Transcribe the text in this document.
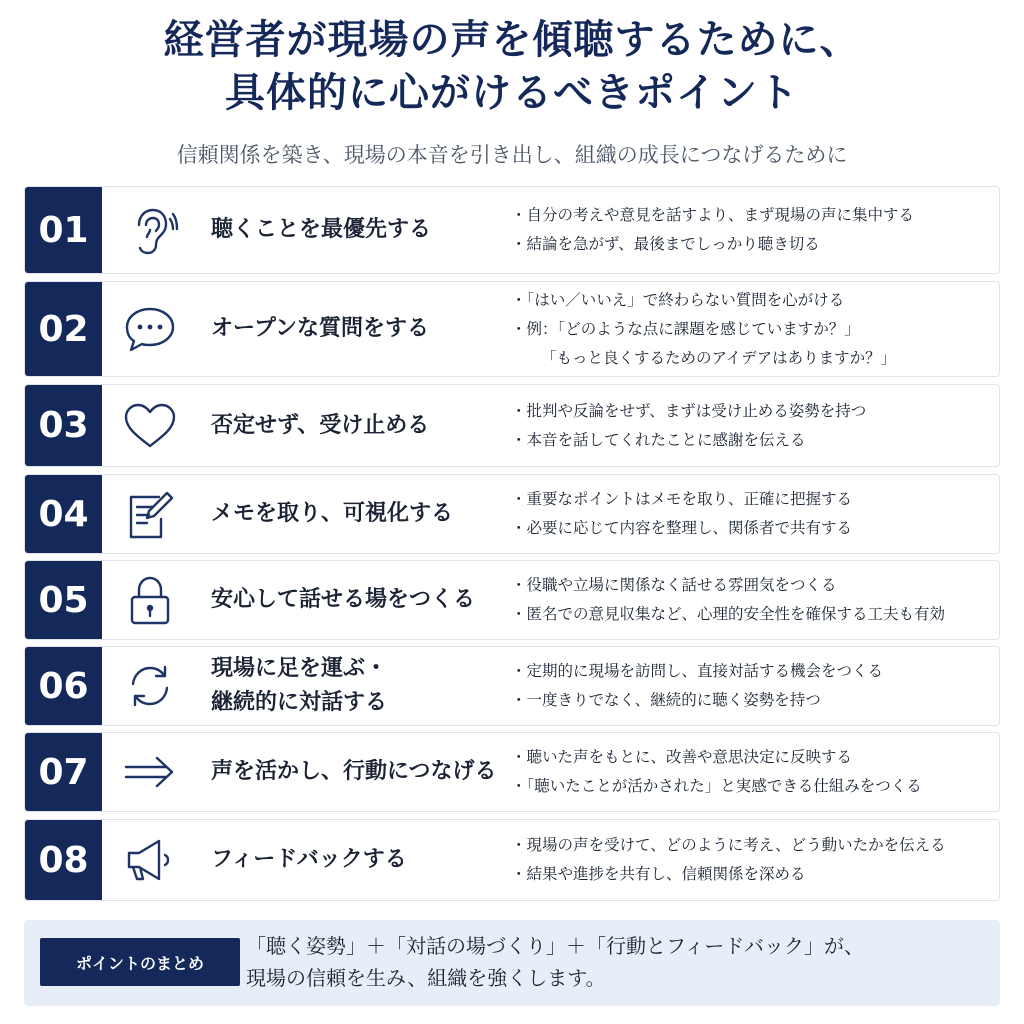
経営者が現場の声を傾聴するために、
具体的に心がけるべきポイント
信頼関係を築き、現場の本音を引き出し、組織の成長につなげるために
01	聴くことを最優先する
・自分の考えや意見を話すより、まず現場の声に集中する
・結論を急がず、最後までしっかり聴き切る
02	オープンな質問をする
・「はい／いいえ」で終わらない質問を心がける
・例：「どのような点に課題を感じていますか？」
「もっと良くするためのアイデアはありますか？」
03	否定せず、受け止める
・批判や反論をせず、まずは受け止める姿勢を持つ
・本音を話してくれたことに感謝を伝える
04	メモを取り、可視化する
・重要なポイントはメモを取り、正確に把握する
・必要に応じて内容を整理し、関係者で共有する
05	安心して話せる場をつくる
・役職や立場に関係なく話せる雰囲気をつくる
・匿名での意見収集など、心理的安全性を確保する工夫も有効
06	現場に足を運ぶ・
継続的に対話する
・定期的に現場を訪問し、直接対話する機会をつくる
・一度きりでなく、継続的に聴く姿勢を持つ
07	声を活かし、行動につなげる
・聴いた声をもとに、改善や意思決定に反映する
・「聴いたことが活かされた」と実感できる仕組みをつくる
08	フィードバックする
・現場の声を受けて、どのように考え、どう動いたかを伝える
・結果や進捗を共有し、信頼関係を深める
ポイントのまとめ
「聴く姿勢」＋「対話の場づくり」＋「行動とフィードバック」が、
現場の信頼を生み、組織を強くします。
